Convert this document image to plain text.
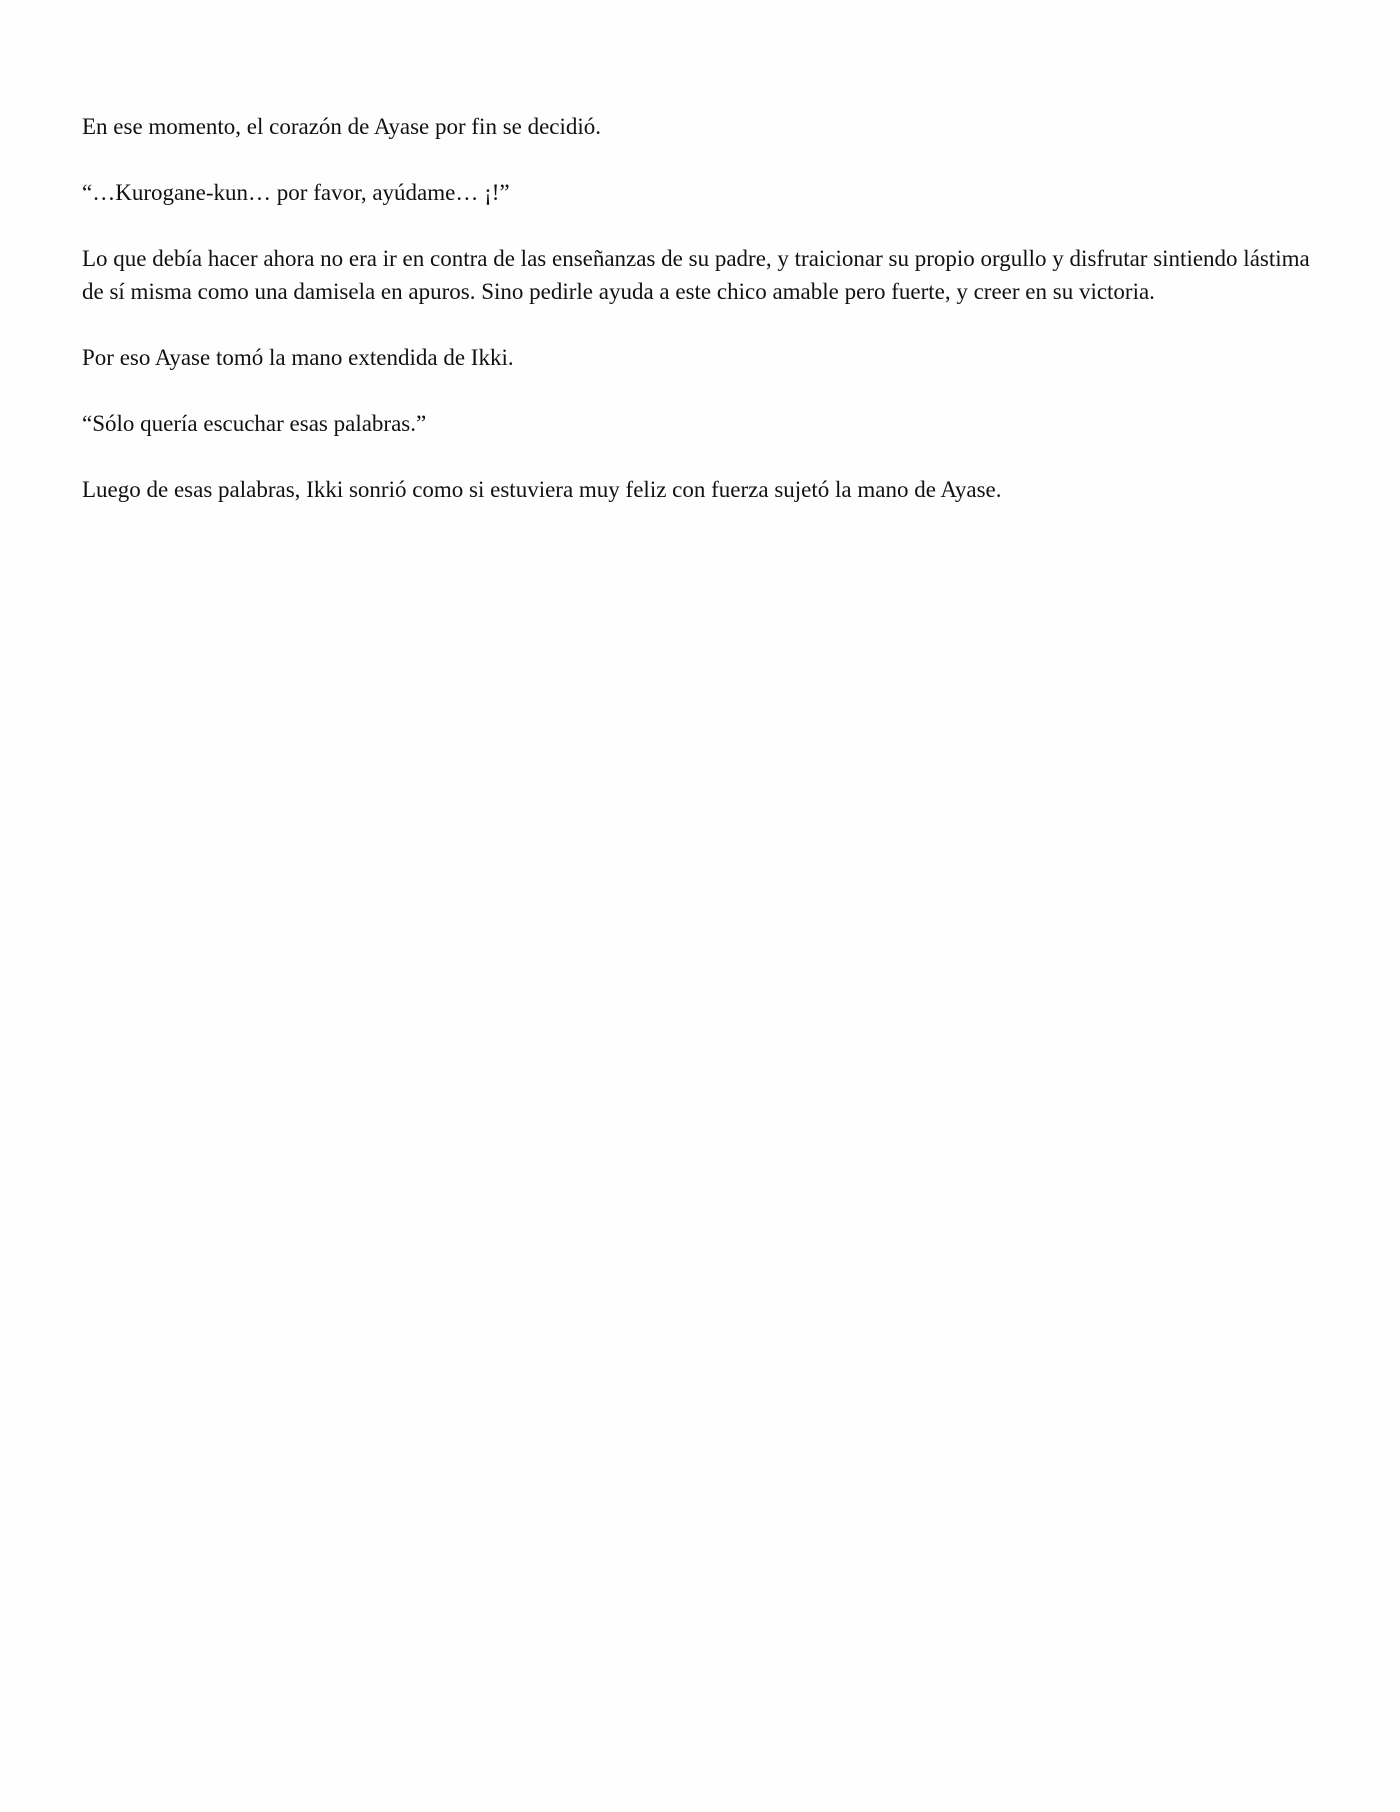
En ese momento, el corazón de Ayase por fin se decidió.

“…Kurogane-kun… por favor, ayúdame… ¡!”

Lo que debía hacer ahora no era ir en contra de las enseñanzas de su padre, y traicionar su propio orgullo y disfrutar sintiendo lástima de sí misma como una damisela en apuros. Sino pedirle ayuda a este chico amable pero fuerte, y creer en su victoria.

Por eso Ayase tomó la mano extendida de Ikki.

“Sólo quería escuchar esas palabras.”

Luego de esas palabras, Ikki sonrió como si estuviera muy feliz con fuerza sujetó la mano de Ayase.
